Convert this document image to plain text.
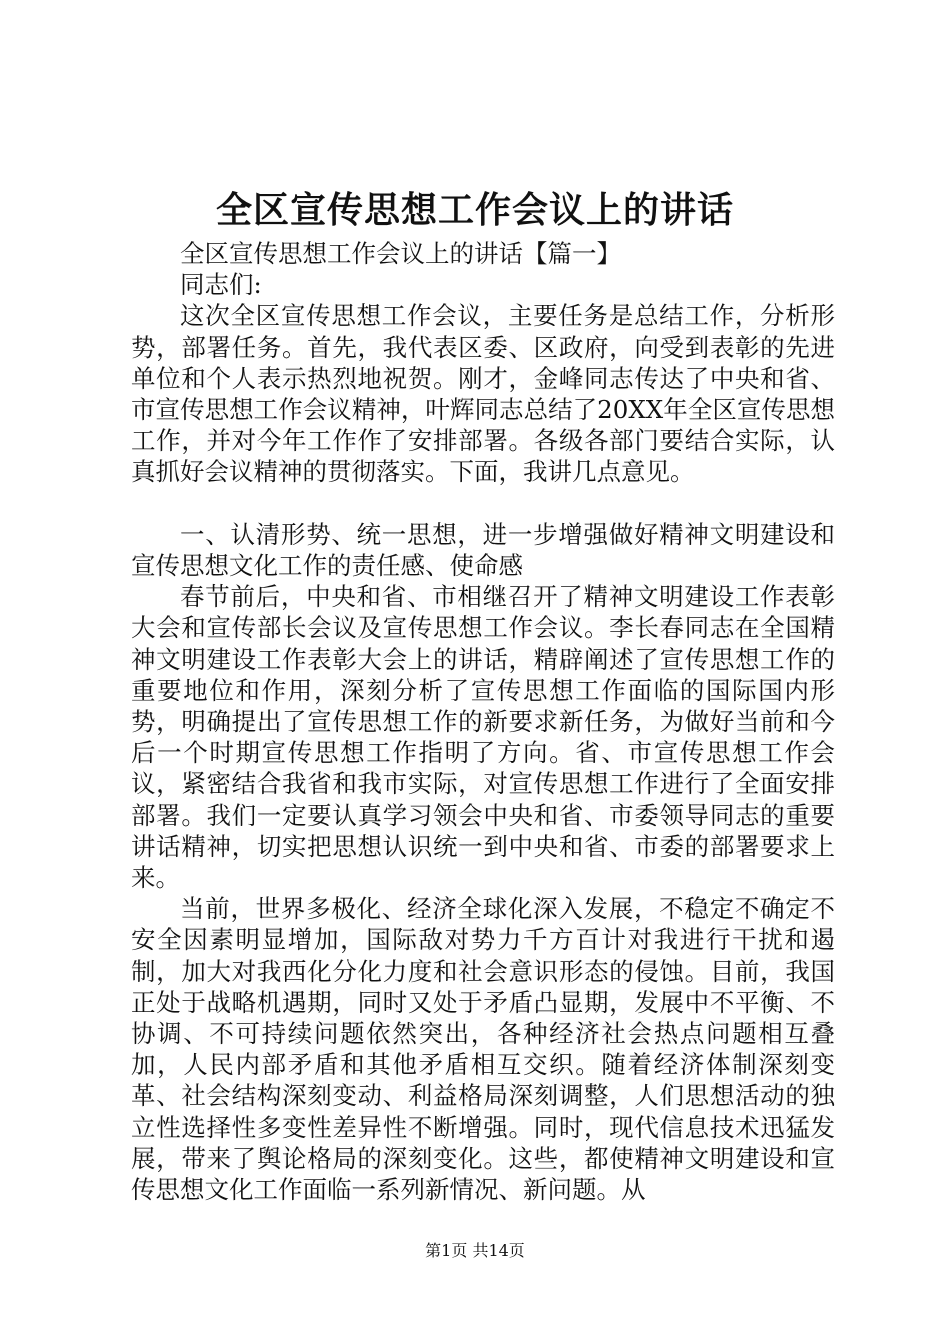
全区宣传思想工作会议上的讲话

全区宣传思想工作会议上的讲话【篇一】

同志们:

这次全区宣传思想工作会议，主要任务是总结工作，分析形势，部署任务。首先，我代表区委、区政府，向受到表彰的先进单位和个人表示热烈地祝贺。刚才，金峰同志传达了中央和省、市宣传思想工作会议精神，叶辉同志总结了20XX年全区宣传思想工作，并对今年工作作了安排部署。各级各部门要结合实际，认真抓好会议精神的贯彻落实。下面，我讲几点意见。

一、认清形势、统一思想，进一步增强做好精神文明建设和宣传思想文化工作的责任感、使命感

春节前后，中央和省、市相继召开了精神文明建设工作表彰大会和宣传部长会议及宣传思想工作会议。李长春同志在全国精神文明建设工作表彰大会上的讲话，精辟阐述了宣传思想工作的重要地位和作用，深刻分析了宣传思想工作面临的国际国内形势，明确提出了宣传思想工作的新要求新任务，为做好当前和今后一个时期宣传思想工作指明了方向。省、市宣传思想工作会议，紧密结合我省和我市实际，对宣传思想工作进行了全面安排部署。我们一定要认真学习领会中央和省、市委领导同志的重要讲话精神，切实把思想认识统一到中央和省、市委的部署要求上来。

当前，世界多极化、经济全球化深入发展，不稳定不确定不安全因素明显增加，国际敌对势力千方百计对我进行干扰和遏制，加大对我西化分化力度和社会意识形态的侵蚀。目前，我国正处于战略机遇期，同时又处于矛盾凸显期，发展中不平衡、不协调、不可持续问题依然突出，各种经济社会热点问题相互叠加，人民内部矛盾和其他矛盾相互交织。随着经济体制深刻变革、社会结构深刻变动、利益格局深刻调整，人们思想活动的独立性选择性多变性差异性不断增强。同时，现代信息技术迅猛发展，带来了舆论格局的深刻变化。这些，都使精神文明建设和宣传思想文化工作面临一系列新情况、新问题。从

第1页 共14页
